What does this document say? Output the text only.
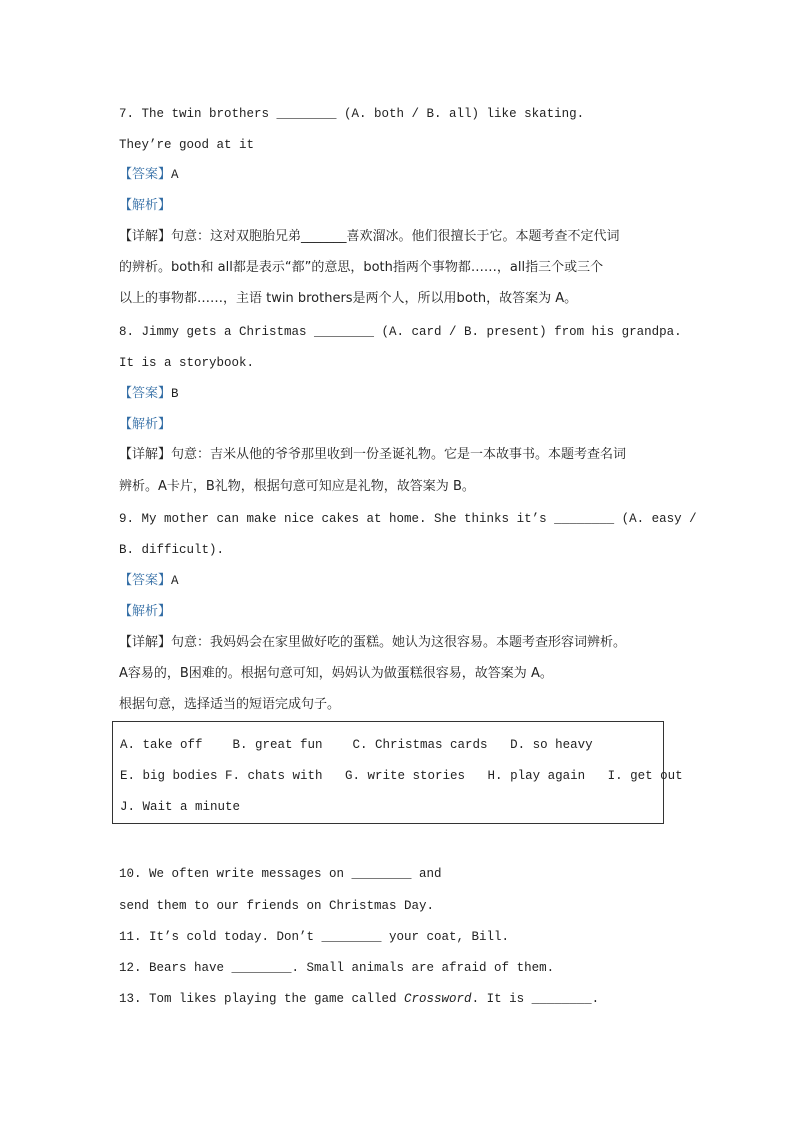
7. The twin brothers ________ (A. both / B. all) like skating.
They’re good at it
【答案】A
【解析】
【详解】句意：这对双胞胎兄弟_______喜欢溜冰。他们很擅长于它。本题考查不定代词
的辨析。both和 all都是表示“都”的意思，both指两个事物都……，all指三个或三个
以上的事物都……，主语 twin brothers是两个人，所以用both，故答案为 A。
8. Jimmy gets a Christmas ________ (A. card / B. present) from his grandpa.
It is a storybook.
【答案】B
【解析】
【详解】句意：吉米从他的爷爷那里收到一份圣诞礼物。它是一本故事书。本题考查名词
辨析。A卡片，B礼物，根据句意可知应是礼物，故答案为 B。
9. My mother can make nice cakes at home. She thinks it’s ________ (A. easy /
B. difficult).
【答案】A
【解析】
【详解】句意：我妈妈会在家里做好吃的蛋糕。她认为这很容易。本题考查形容词辨析。
A容易的，B困难的。根据句意可知，妈妈认为做蛋糕很容易，故答案为 A。
根据句意，选择适当的短语完成句子。
A. take off    B. great fun    C. Christmas cards   D. so heavy
E. big bodies F. chats with   G. write stories   H. play again   I. get out
J. Wait a minute
10. We often write messages on ________ and
send them to our friends on Christmas Day.
11. It’s cold today. Don’t ________ your coat, Bill.
12. Bears have ________. Small animals are afraid of them.
13. Tom likes playing the game called Crossword. It is ________.
